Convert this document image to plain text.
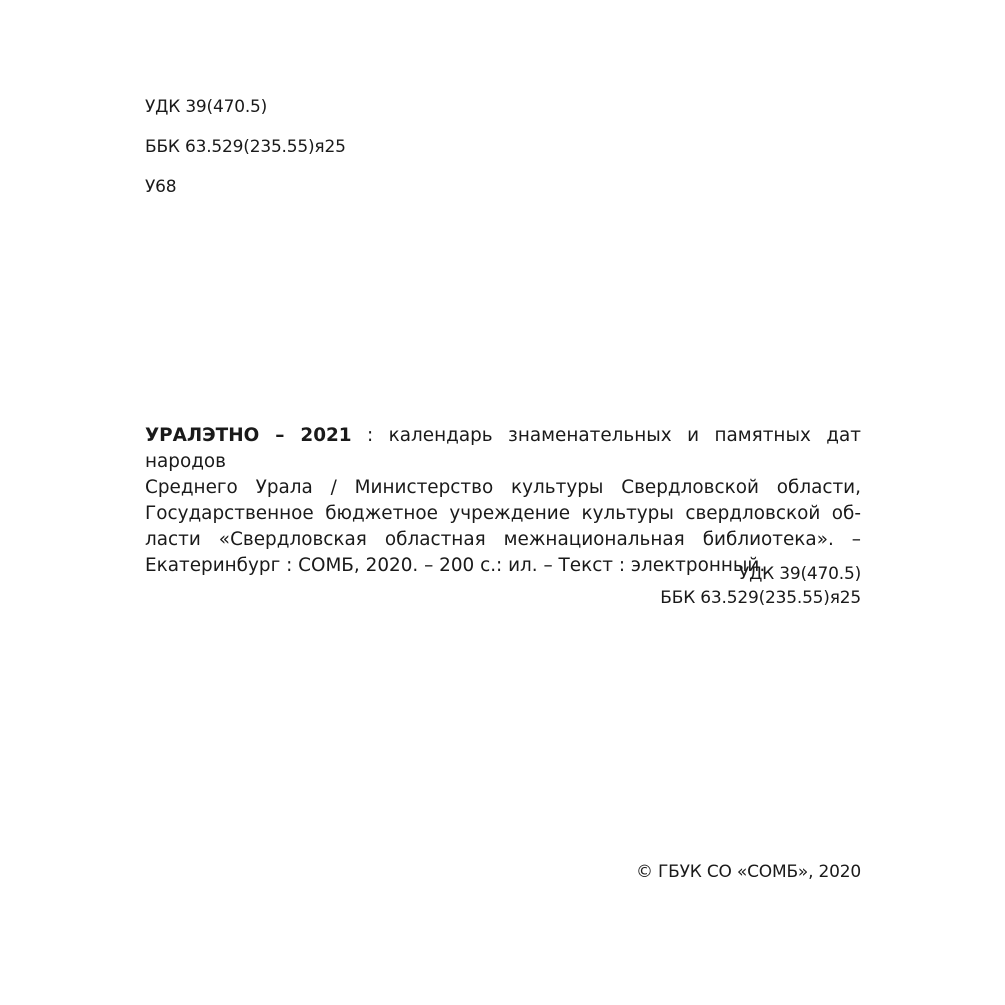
УДК 39(470.5)
ББК 63.529(235.55)я25
У68
УРАЛЭТНО – 2021 : календарь знаменательных и памятных дат народов
Среднего Урала / Министерство культуры Свердловской области,
Государственное бюджетное учреждение культуры свердловской об-
ласти «Свердловская областная межнациональная библиотека». –
Екатеринбург : СОМБ, 2020. – 200 с.: ил. – Текст : электронный.
УДК 39(470.5)
ББК 63.529(235.55)я25
© ГБУК СО «СОМБ», 2020
